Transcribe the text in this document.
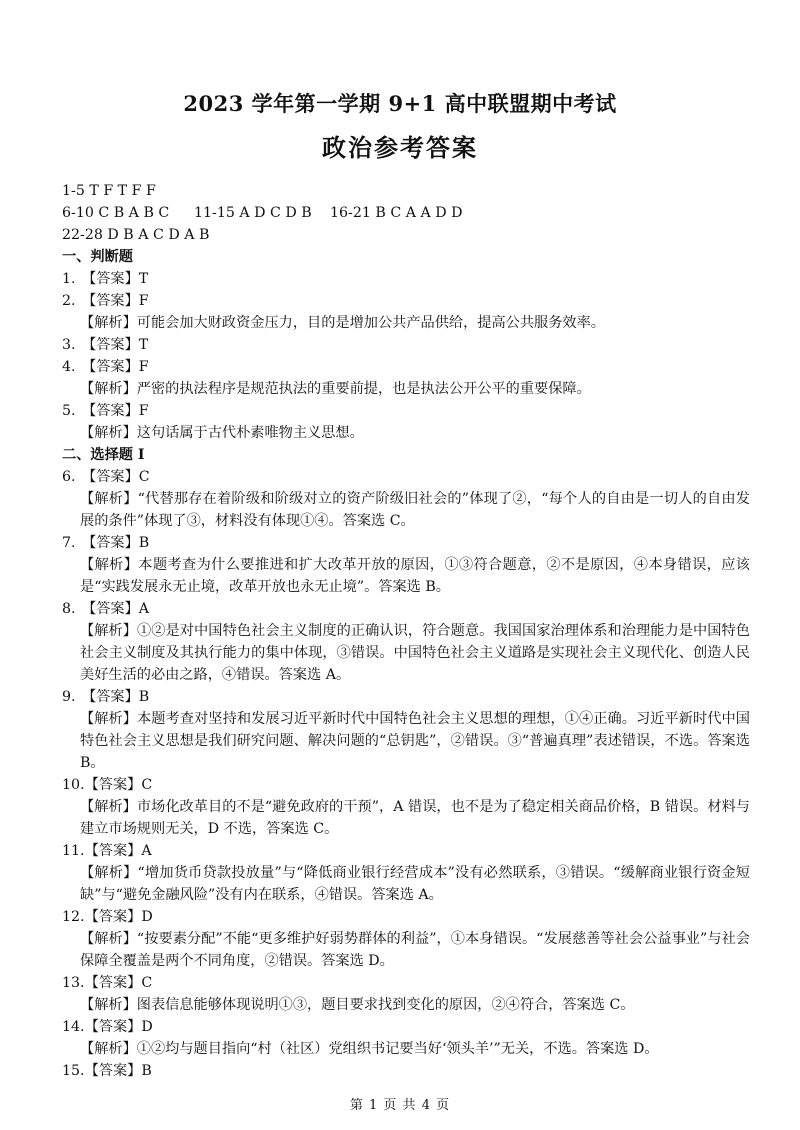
2023 学年第一学期 9+1 高中联盟期中考试
政治参考答案
1-5 T F T F F
6-10 C B A B C 11-15 A D C D B 16-21 B C A A D D
22-28 D B A C D A B
一、判断题
1. 【答案】T
2. 【答案】F
【解析】可能会加大财政资金压力，目的是增加公共产品供给，提高公共服务效率。
3. 【答案】T
4. 【答案】F
【解析】严密的执法程序是规范执法的重要前提，也是执法公开公平的重要保障。
5. 【答案】F
【解析】这句话属于古代朴素唯物主义思想。
二、选择题 I
6. 【答案】C
【解析】“代替那存在着阶级和阶级对立的资产阶级旧社会的”体现了②，“每个人的自由是一切人的自由发展的条件”体现了③，材料没有体现①④。答案选 C。
7. 【答案】B
【解析】本题考查为什么要推进和扩大改革开放的原因，①③符合题意，②不是原因，④本身错误，应该是“实践发展永无止境，改革开放也永无止境”。答案选 B。
8. 【答案】A
【解析】①②是对中国特色社会主义制度的正确认识，符合题意。我国国家治理体系和治理能力是中国特色社会主义制度及其执行能力的集中体现，③错误。中国特色社会主义道路是实现社会主义现代化、创造人民美好生活的必由之路，④错误。答案选 A。
9. 【答案】B
【解析】本题考查对坚持和发展习近平新时代中国特色社会主义思想的理想，①④正确。习近平新时代中国特色社会主义思想是我们研究问题、解决问题的“总钥匙”，②错误。③“普遍真理”表述错误，不选。答案选 B。
10.【答案】C
【解析】市场化改革目的不是“避免政府的干预”，A 错误，也不是为了稳定相关商品价格，B 错误。材料与建立市场规则无关，D 不选，答案选 C。
11.【答案】A
【解析】“增加货币贷款投放量”与“降低商业银行经营成本”没有必然联系，③错误。“缓解商业银行资金短缺”与“避免金融风险”没有内在联系，④错误。答案选 A。
12.【答案】D
【解析】“按要素分配”不能“更多维护好弱势群体的利益”，①本身错误。“发展慈善等社会公益事业”与社会保障全覆盖是两个不同角度，②错误。答案选 D。
13.【答案】C
【解析】图表信息能够体现说明①③，题目要求找到变化的原因，②④符合，答案选 C。
14.【答案】D
【解析】①②均与题目指向“村（社区）党组织书记要当好‘领头羊’”无关，不选。答案选 D。
15.【答案】B
第 1 页 共 4 页
